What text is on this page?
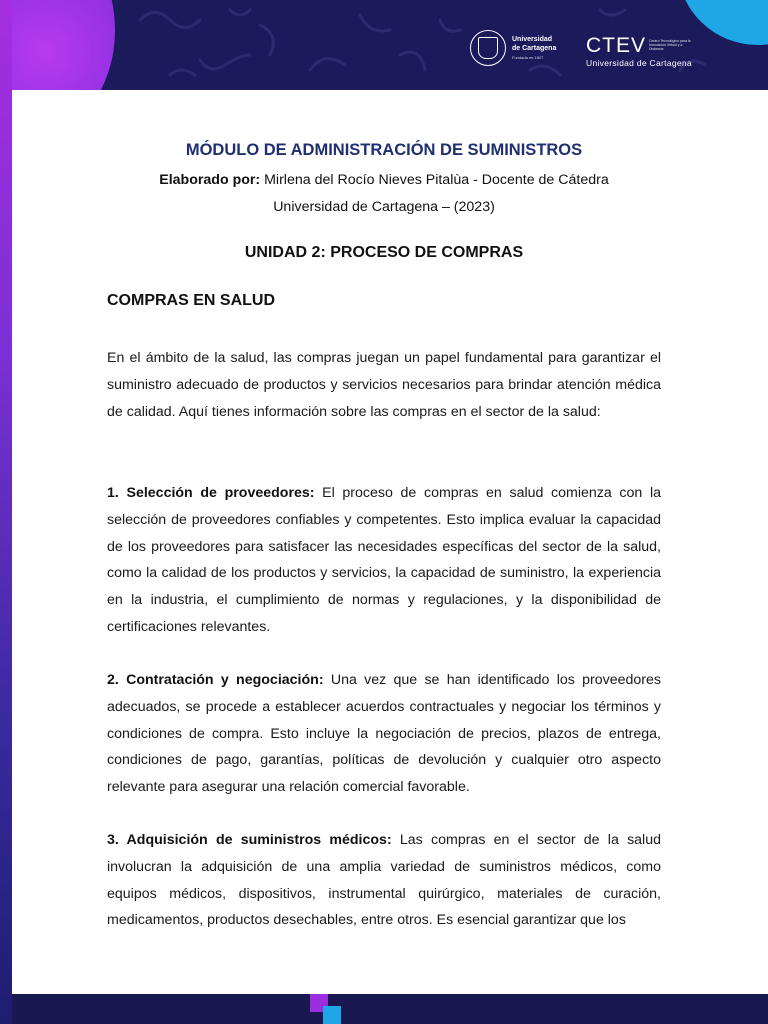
Universidad
de Cartagena
Fundada en 1827	CTEV Centro Tecnológico para la Innovación Virtual y a Distancia
Universidad de Cartagena
MÓDULO DE ADMINISTRACIÓN DE SUMINISTROS
Elaborado por: Mirlena del Rocío Nieves Pitalùa - Docente de Cátedra
Universidad de Cartagena – (2023)
UNIDAD 2: PROCESO DE COMPRAS
COMPRAS EN SALUD

En el ámbito de la salud, las compras juegan un papel fundamental para garantizar el suministro adecuado de productos y servicios necesarios para brindar atención médica de calidad. Aquí tienes información sobre las compras en el sector de la salud:

1. Selección de proveedores: El proceso de compras en salud comienza con la selección de proveedores confiables y competentes. Esto implica evaluar la capacidad de los proveedores para satisfacer las necesidades específicas del sector de la salud, como la calidad de los productos y servicios, la capacidad de suministro, la experiencia en la industria, el cumplimiento de normas y regulaciones, y la disponibilidad de certificaciones relevantes.

2. Contratación y negociación: Una vez que se han identificado los proveedores adecuados, se procede a establecer acuerdos contractuales y negociar los términos y condiciones de compra. Esto incluye la negociación de precios, plazos de entrega, condiciones de pago, garantías, políticas de devolución y cualquier otro aspecto relevante para asegurar una relación comercial favorable.

3. Adquisición de suministros médicos: Las compras en el sector de la salud involucran la adquisición de una amplia variedad de suministros médicos, como equipos médicos, dispositivos, instrumental quirúrgico, materiales de curación, medicamentos, productos desechables, entre otros. Es esencial garantizar que los
